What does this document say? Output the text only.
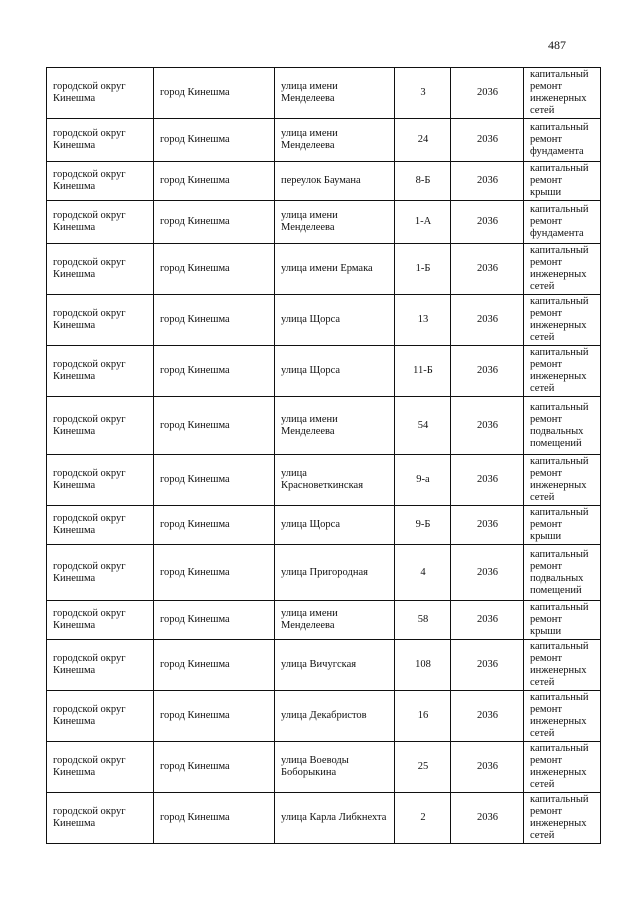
487
городской округ Кинешма	город Кинешма	улица имени Менделеева	3	2036	капитальный ремонт инженерных сетей
городской округ Кинешма	город Кинешма	улица имени Менделеева	24	2036	капитальный ремонт фундамента
городской округ Кинешма	город Кинешма	переулок Баумана	8-Б	2036	капитальный ремонт крыши
городской округ Кинешма	город Кинешма	улица имени Менделеева	1-А	2036	капитальный ремонт фундамента
городской округ Кинешма	город Кинешма	улица имени Ермака	1-Б	2036	капитальный ремонт инженерных сетей
городской округ Кинешма	город Кинешма	улица Щорса	13	2036	капитальный ремонт инженерных сетей
городской округ Кинешма	город Кинешма	улица Щорса	11-Б	2036	капитальный ремонт инженерных сетей
городской округ Кинешма	город Кинешма	улица имени Менделеева	54	2036	капитальный ремонт подвальных помещений
городской округ Кинешма	город Кинешма	улица Красноветкинская	9-а	2036	капитальный ремонт инженерных сетей
городской округ Кинешма	город Кинешма	улица Щорса	9-Б	2036	капитальный ремонт крыши
городской округ Кинешма	город Кинешма	улица Пригородная	4	2036	капитальный ремонт подвальных помещений
городской округ Кинешма	город Кинешма	улица имени Менделеева	58	2036	капитальный ремонт крыши
городской округ Кинешма	город Кинешма	улица Вичугская	108	2036	капитальный ремонт инженерных сетей
городской округ Кинешма	город Кинешма	улица Декабристов	16	2036	капитальный ремонт инженерных сетей
городской округ Кинешма	город Кинешма	улица Воеводы Боборыкина	25	2036	капитальный ремонт инженерных сетей
городской округ Кинешма	город Кинешма	улица Карла Либкнехта	2	2036	капитальный ремонт инженерных сетей
